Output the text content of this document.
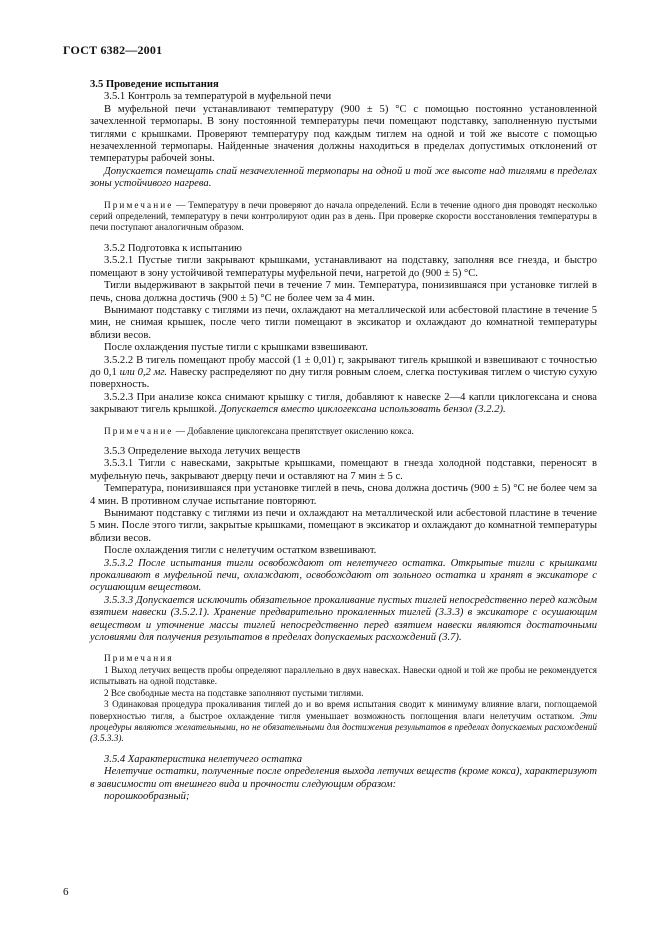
ГОСТ 6382—2001

3.5 Проведение испытания

3.5.1 Контроль за температурой в муфельной печи

В муфельной печи устанавливают температуру (900 ± 5) °С с помощью постоянно установленной зачехленной термопары. В зону постоянной температуры печи помещают подставку, заполненную пустыми тиглями с крышками. Проверяют температуру под каждым тиглем на одной и той же высоте с помощью незачехленной термопары. Найденные значения должны находиться в пределах допустимых отклонений от температуры рабочей зоны.

Допускается помещать спай незачехленной термопары на одной и той же высоте над тиглями в пределах зоны устойчивого нагрева.

Примечание — Температуру в печи проверяют до начала определений. Если в течение одного дня проводят несколько серий определений, температуру в печи контролируют один раз в день. При проверке скорости восстановления температуры в печи поступают аналогичным образом.

3.5.2 Подготовка к испытанию

3.5.2.1 Пустые тигли закрывают крышками, устанавливают на подставку, заполняя все гнезда, и быстро помещают в зону устойчивой температуры муфельной печи, нагретой до (900 ± 5) °С.

Тигли выдерживают в закрытой печи в течение 7 мин. Температура, понизившаяся при установке тиглей в печь, снова должна достичь (900 ± 5) °С не более чем за 4 мин.

Вынимают подставку с тиглями из печи, охлаждают на металлической или асбестовой пластине в течение 5 мин, не снимая крышек, после чего тигли помещают в эксикатор и охлаждают до комнатной температуры вблизи весов.

После охлаждения пустые тигли с крышками взвешивают.

3.5.2.2 В тигель помещают пробу массой (1 ± 0,01) г, закрывают тигель крышкой и взвешивают с точностью до 0,1 или 0,2 мг. Навеску распределяют по дну тигля ровным слоем, слегка постукивая тиглем о чистую сухую поверхность.

3.5.2.3 При анализе кокса снимают крышку с тигля, добавляют к навеске 2—4 капли циклогексана и снова закрывают тигель крышкой. Допускается вместо циклогексана использовать бензол (3.2.2).

Примечание — Добавление циклогексана препятствует окислению кокса.

3.5.3 Определение выхода летучих веществ

3.5.3.1 Тигли с навесками, закрытые крышками, помещают в гнезда холодной подставки, переносят в муфельную печь, закрывают дверцу печи и оставляют на 7 мин ± 5 с.

Температура, понизившаяся при установке тиглей в печь, снова должна достичь (900 ± 5) °С не более чем за 4 мин. В противном случае испытание повторяют.

Вынимают подставку с тиглями из печи и охлаждают на металлической или асбестовой пластине в течение 5 мин. После этого тигли, закрытые крышками, помещают в эксикатор и охлаждают до комнатной температуры вблизи весов.

После охлаждения тигли с нелетучим остатком взвешивают.

3.5.3.2 После испытания тигли освобождают от нелетучего остатка. Открытые тигли с крышками прокаливают в муфельной печи, охлаждают, освобождают от зольного остатка и хранят в эксикаторе с осушающим веществом.

3.5.3.3 Допускается исключить обязательное прокаливание пустых тиглей непосредственно перед каждым взятием навески (3.5.2.1). Хранение предварительно прокаленных тиглей (3.3.3) в эксикаторе с осушающим веществом и уточнение массы тиглей непосредственно перед взятием навески являются достаточными условиями для получения результатов в пределах допускаемых расхождений (3.7).

Примечания

1 Выход летучих веществ пробы определяют параллельно в двух навесках. Навески одной и той же пробы не рекомендуется испытывать на одной подставке.

2 Все свободные места на подставке заполняют пустыми тиглями.

3 Одинаковая процедура прокаливания тиглей до и во время испытания сводит к минимуму влияние влаги, поглощаемой поверхностью тигля, а быстрое охлаждение тигля уменьшает возможность поглощения влаги нелетучим остатком. Эти процедуры являются желательными, но не обязательными для достижения результатов в пределах допускаемых расхождений (3.5.3.3).

3.5.4 Характеристика нелетучего остатка

Нелетучие остатки, полученные после определения выхода летучих веществ (кроме кокса), характеризуют в зависимости от внешнего вида и прочности следующим образом:

порошкообразный;

6
